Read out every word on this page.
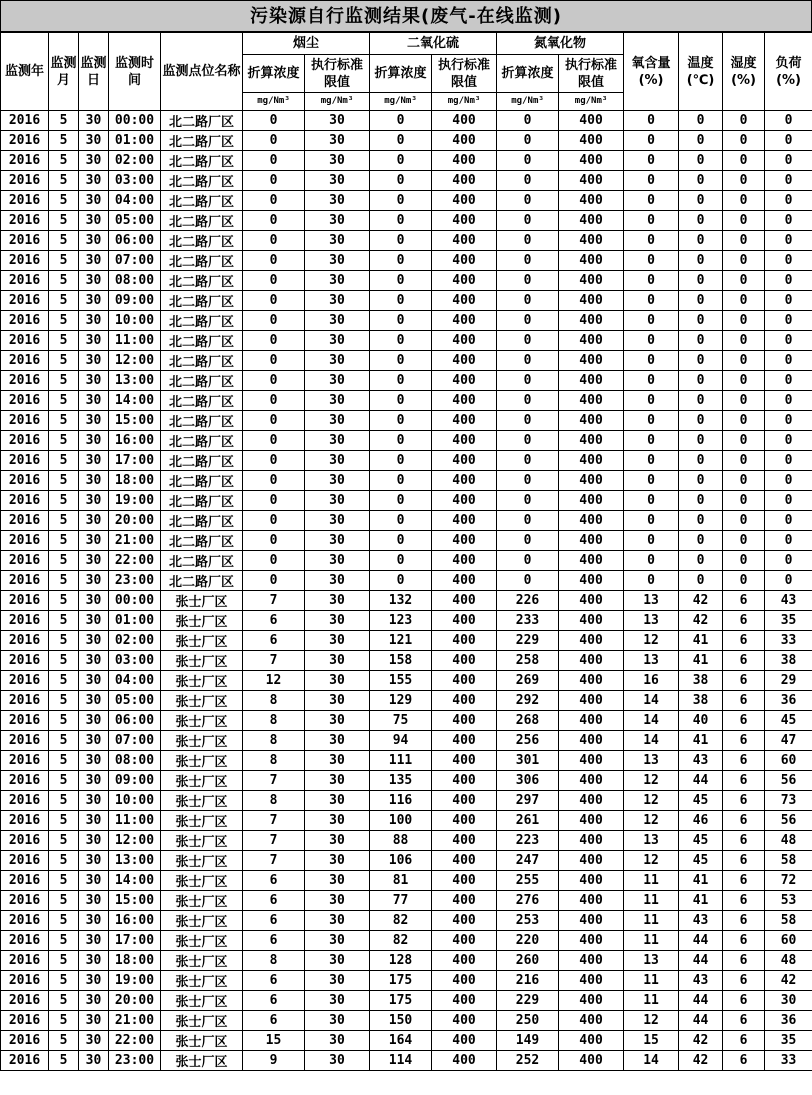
污染源自行监测结果(废气-在线监测)
监测年	监测月	监测日	监测时间	监测点位名称	烟尘		二氧化硫		氮氧化物		氧含量(%)	温度(℃)	湿度(%)	负荷(%)
					折算浓度	执行标准限值	折算浓度	执行标准限值	折算浓度	执行标准限值				
					mg/Nm³	mg/Nm³	mg/Nm³	mg/Nm³	mg/Nm³	mg/Nm³				
2016	5	30	00:00	北二路厂区	0	30	0	400	0	400	0	0	0	0
2016	5	30	01:00	北二路厂区	0	30	0	400	0	400	0	0	0	0
2016	5	30	02:00	北二路厂区	0	30	0	400	0	400	0	0	0	0
2016	5	30	03:00	北二路厂区	0	30	0	400	0	400	0	0	0	0
2016	5	30	04:00	北二路厂区	0	30	0	400	0	400	0	0	0	0
2016	5	30	05:00	北二路厂区	0	30	0	400	0	400	0	0	0	0
2016	5	30	06:00	北二路厂区	0	30	0	400	0	400	0	0	0	0
2016	5	30	07:00	北二路厂区	0	30	0	400	0	400	0	0	0	0
2016	5	30	08:00	北二路厂区	0	30	0	400	0	400	0	0	0	0
2016	5	30	09:00	北二路厂区	0	30	0	400	0	400	0	0	0	0
2016	5	30	10:00	北二路厂区	0	30	0	400	0	400	0	0	0	0
2016	5	30	11:00	北二路厂区	0	30	0	400	0	400	0	0	0	0
2016	5	30	12:00	北二路厂区	0	30	0	400	0	400	0	0	0	0
2016	5	30	13:00	北二路厂区	0	30	0	400	0	400	0	0	0	0
2016	5	30	14:00	北二路厂区	0	30	0	400	0	400	0	0	0	0
2016	5	30	15:00	北二路厂区	0	30	0	400	0	400	0	0	0	0
2016	5	30	16:00	北二路厂区	0	30	0	400	0	400	0	0	0	0
2016	5	30	17:00	北二路厂区	0	30	0	400	0	400	0	0	0	0
2016	5	30	18:00	北二路厂区	0	30	0	400	0	400	0	0	0	0
2016	5	30	19:00	北二路厂区	0	30	0	400	0	400	0	0	0	0
2016	5	30	20:00	北二路厂区	0	30	0	400	0	400	0	0	0	0
2016	5	30	21:00	北二路厂区	0	30	0	400	0	400	0	0	0	0
2016	5	30	22:00	北二路厂区	0	30	0	400	0	400	0	0	0	0
2016	5	30	23:00	北二路厂区	0	30	0	400	0	400	0	0	0	0
2016	5	30	00:00	张士厂区	7	30	132	400	226	400	13	42	6	43
2016	5	30	01:00	张士厂区	6	30	123	400	233	400	13	42	6	35
2016	5	30	02:00	张士厂区	6	30	121	400	229	400	12	41	6	33
2016	5	30	03:00	张士厂区	7	30	158	400	258	400	13	41	6	38
2016	5	30	04:00	张士厂区	12	30	155	400	269	400	16	38	6	29
2016	5	30	05:00	张士厂区	8	30	129	400	292	400	14	38	6	36
2016	5	30	06:00	张士厂区	8	30	75	400	268	400	14	40	6	45
2016	5	30	07:00	张士厂区	8	30	94	400	256	400	14	41	6	47
2016	5	30	08:00	张士厂区	8	30	111	400	301	400	13	43	6	60
2016	5	30	09:00	张士厂区	7	30	135	400	306	400	12	44	6	56
2016	5	30	10:00	张士厂区	8	30	116	400	297	400	12	45	6	73
2016	5	30	11:00	张士厂区	7	30	100	400	261	400	12	46	6	56
2016	5	30	12:00	张士厂区	7	30	88	400	223	400	13	45	6	48
2016	5	30	13:00	张士厂区	7	30	106	400	247	400	12	45	6	58
2016	5	30	14:00	张士厂区	6	30	81	400	255	400	11	41	6	72
2016	5	30	15:00	张士厂区	6	30	77	400	276	400	11	41	6	53
2016	5	30	16:00	张士厂区	6	30	82	400	253	400	11	43	6	58
2016	5	30	17:00	张士厂区	6	30	82	400	220	400	11	44	6	60
2016	5	30	18:00	张士厂区	8	30	128	400	260	400	13	44	6	48
2016	5	30	19:00	张士厂区	6	30	175	400	216	400	11	43	6	42
2016	5	30	20:00	张士厂区	6	30	175	400	229	400	11	44	6	30
2016	5	30	21:00	张士厂区	6	30	150	400	250	400	12	44	6	36
2016	5	30	22:00	张士厂区	15	30	164	400	149	400	15	42	6	35
2016	5	30	23:00	张士厂区	9	30	114	400	252	400	14	42	6	33
